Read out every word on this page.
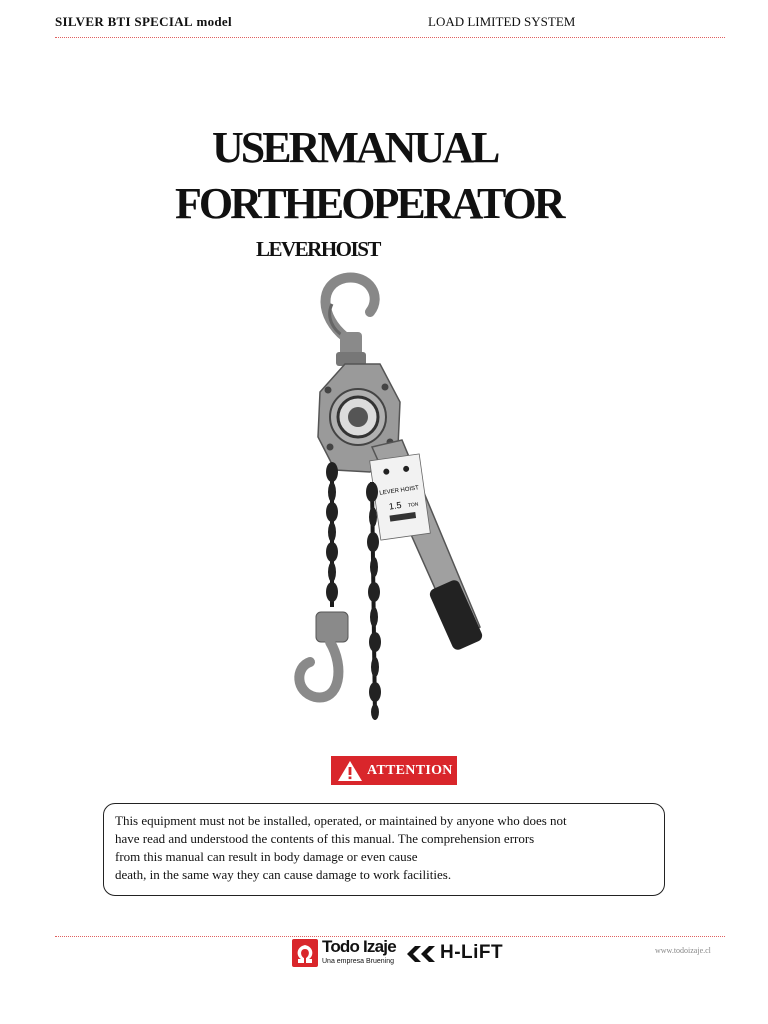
SILVER BTI SPECIAL model	LOAD LIMITED SYSTEM
USERMANUAL
FORTHEOPERATOR
LEVERHOIST
LEVER HOIST
1.5 TON
ATTENTION
This equipment must not be installed, operated, or maintained by anyone who does not
have read and understood the contents of this manual. The comprehension errors
from this manual can result in body damage or even cause
death, in the same way they can cause damage to work facilities.
Todo Izaje
Una empresa Bruening H-LiFT	www.todoizaje.cl
